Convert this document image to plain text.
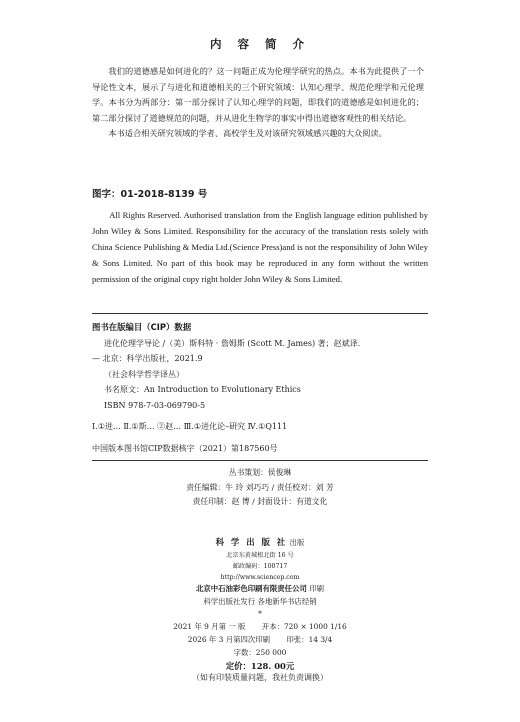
内 容 简 介

我们的道德感是如何进化的？这一问题正成为伦理学研究的热点。本书为此提供了一个导论性文本，展示了与进化和道德相关的三个研究领域：认知心理学、规范伦理学和元伦理学。本书分为两部分：第一部分探讨了认知心理学的问题，即我们的道德感是如何进化的；第二部分探讨了道德规范的问题，并从进化生物学的事实中得出道德客观性的相关结论。

本书适合相关研究领域的学者、高校学生及对该研究领域感兴趣的大众阅读。

图字：01-2018-8139 号

All Rights Reserved. Authorised translation from the English language edition published by John Wiley & Sons Limited. Responsibility for the accuracy of the translation rests solely with China Science Publishing & Media Ltd.(Science Press)and is not the responsibility of John Wiley & Sons Limited. No part of this book may be reproduced in any form without the written permission of the original copy right holder John Wiley & Sons Limited.

图书在版编目（CIP）数据
进化伦理学导论 /（美）斯科特 · 詹姆斯 (Scott M. James) 著；赵斌译.
— 北京：科学出版社，2021.9
（社会科学哲学译丛）
书名原文：An Introduction to Evolutionary Ethics
ISBN 978-7-03-069790-5
Ⅰ.①进… Ⅱ.①斯… ②赵… Ⅲ.①进化论–研究 Ⅳ.①Q111
中国版本图书馆CIP数据核字（2021）第187560号
丛书策划：侯俊琳
责任编辑：牛 玲 刘巧巧 / 责任校对：刘 芳
责任印制：赵 博 / 封面设计：有道文化
科 学 出 版 社 出版
北京东黄城根北街 16 号
邮政编码：100717
http://www.sciencep.com
北京中石油彩色印刷有限责任公司 印刷
科学出版社发行 各地新华书店经销
*
2021 年 9 月第 一 版 开本：720 × 1000 1/16
2026 年 3 月第四次印刷 印张：14 3/4
字数：250 000
定价：128. 00元
（如有印装质量问题，我社负责调换）
